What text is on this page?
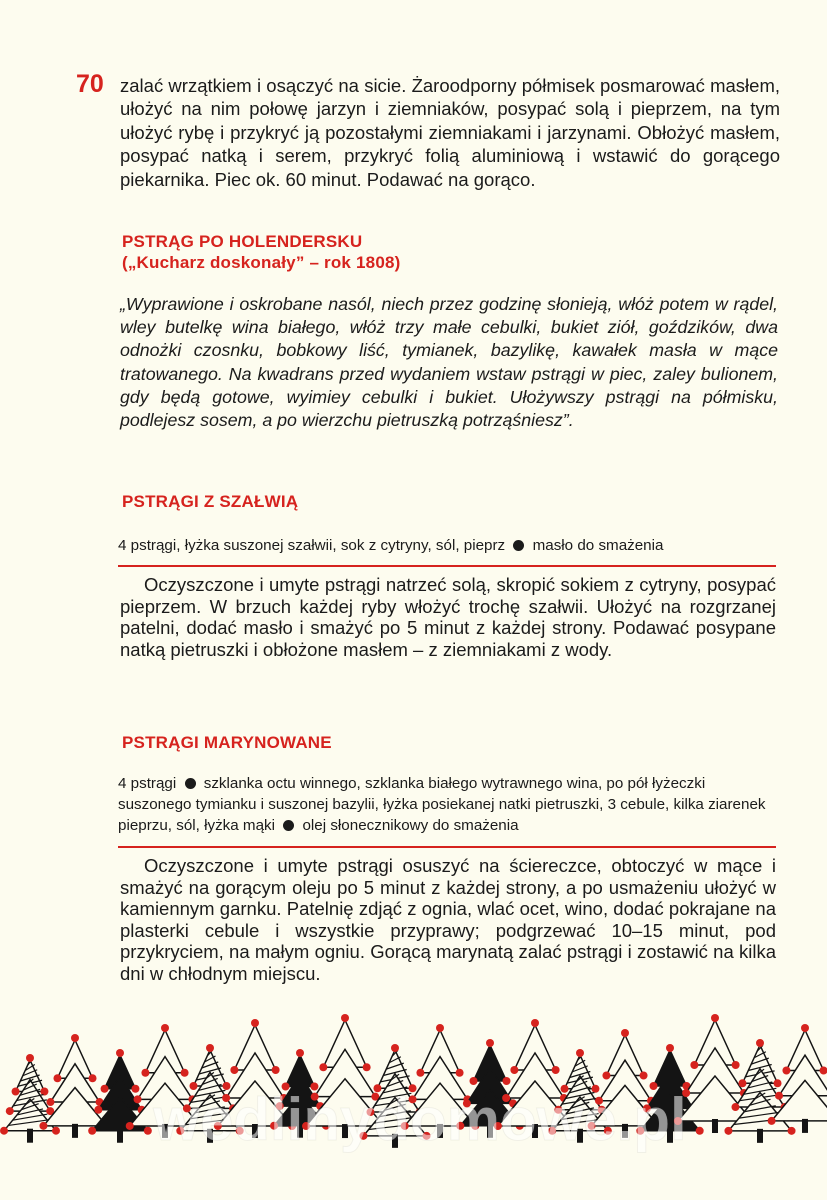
70 zalać wrzątkiem i osączyć na sicie. Żaroodporny półmisek posmarować masłem, ułożyć na nim połowę jarzyn i ziemniaków, posypać solą i pieprzem, na tym ułożyć rybę i przykryć ją pozostałymi ziemniakami i jarzynami. Obłożyć masłem, posypać natką i serem, przykryć folią aluminiową i wstawić do gorącego piekarnika. Piec ok. 60 minut. Podawać na gorąco.

PSTRĄG PO HOLENDERSKU
(„Kucharz doskonały” – rok 1808)

„Wyprawione i oskrobane nasól, niech przez godzinę słonieją, włóż potem w rądel, wley butelkę wina białego, włóż trzy małe cebulki, bukiet ziół, goździków, dwa odnożki czosnku, bobkowy liść, tymianek, bazylikę, kawałek masła w mące tratowanego. Na kwadrans przed wydaniem wstaw pstrągi w piec, zaley bulionem, gdy będą gotowe, wyimiey cebulki i bukiet. Ułożywszy pstrągi na półmisku, podlejesz sosem, a po wierzchu pietruszką potrząśniesz”.

PSTRĄGI Z SZAŁWIĄ

4 pstrągi, łyżka suszonej szałwii, sok z cytryny, sól, pieprz masło do smażenia

Oczyszczone i umyte pstrągi natrzeć solą, skropić sokiem z cytryny, posypać pieprzem. W brzuch każdej ryby włożyć trochę szałwii. Ułożyć na rozgrzanej patelni, dodać masło i smażyć po 5 minut z każdej strony. Podawać posypane natką pietruszki i obłożone masłem – z ziemniakami z wody.

PSTRĄGI MARYNOWANE

4 pstrągi szklanka octu winnego, szklanka białego wytrawnego wina, po pół łyżeczki suszonego tymianku i suszonej bazylii, łyżka posiekanej natki pietruszki, 3 cebule, kilka ziarenek pieprzu, sól, łyżka mąki olej słonecznikowy do smażenia

Oczyszczone i umyte pstrągi osuszyć na ściereczce, obtoczyć w mące i smażyć na gorącym oleju po 5 minut z każdej strony, a po usmażeniu ułożyć w kamiennym garnku. Patelnię zdjąć z ognia, wlać ocet, wino, dodać pokrajane na plasterki cebule i wszystkie przyprawy; podgrzewać 10–15 minut, pod przykryciem, na małym ogniu. Gorącą marynatą zalać pstrągi i zostawić na kilka dni w chłodnym miejscu.

wedlinydomowe.pl
